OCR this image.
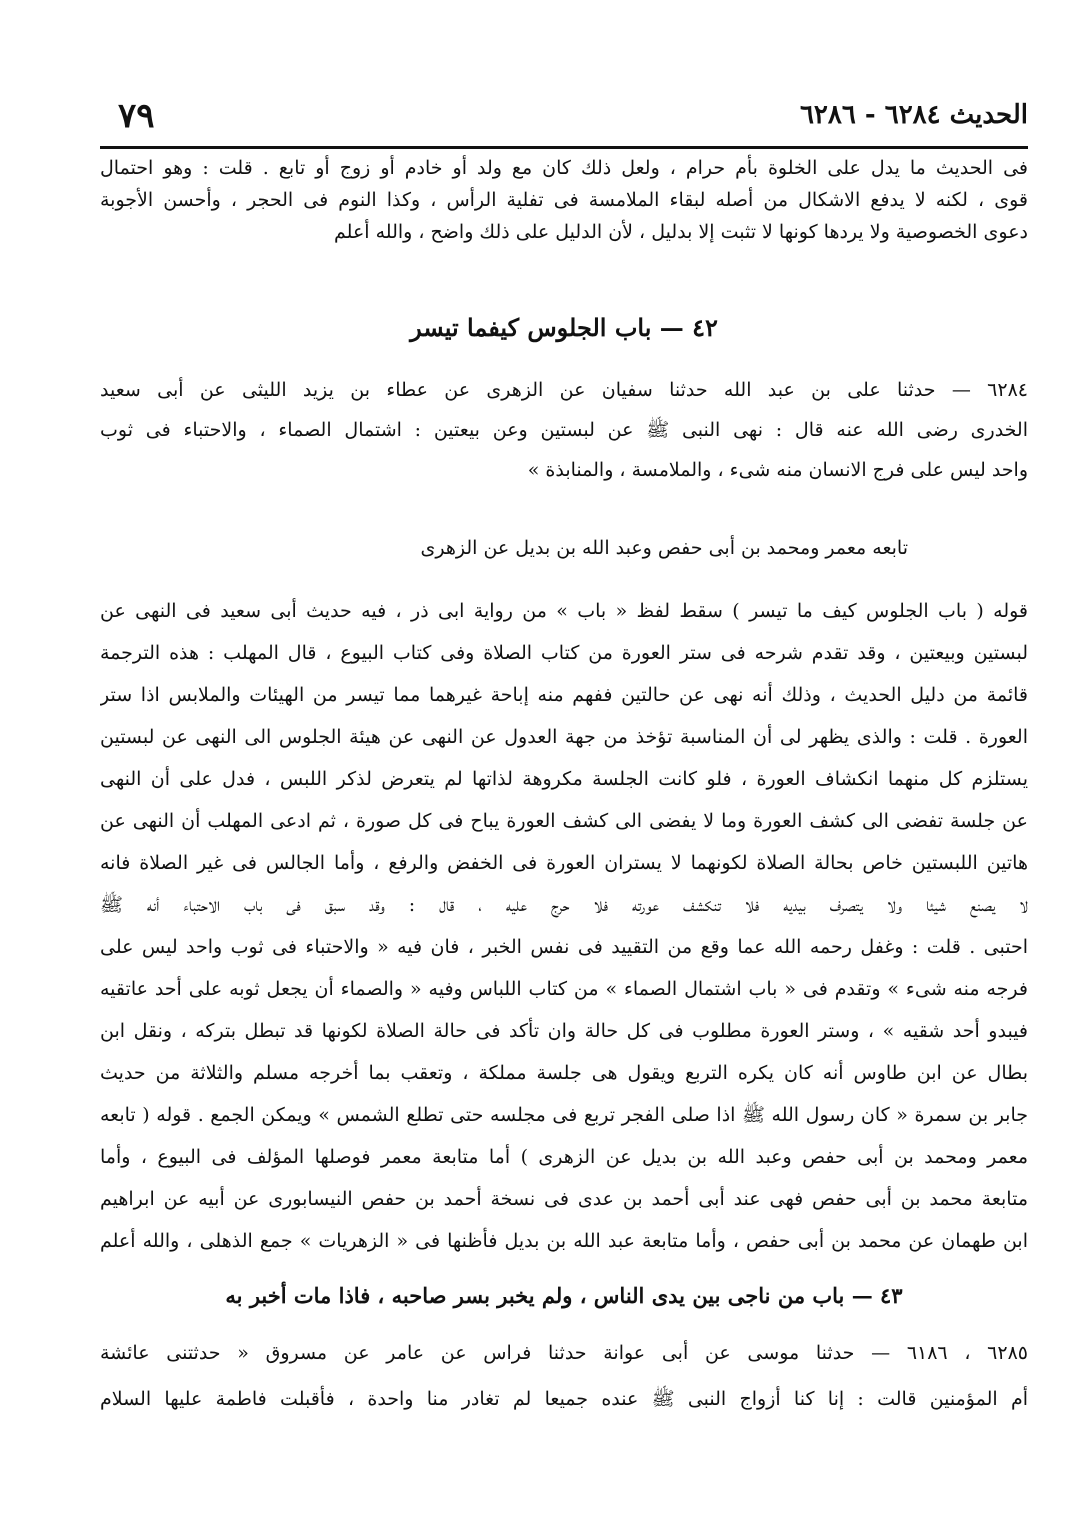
٧٩	الحديث ٦٢٨٤ - ٦٢٨٦
فى الحديث ما يدل على الخلوة بأم حرام ، ولعل ذلك كان مع ولد أو خادم أو زوج أو تابع . قلت : وهو احتمال
قوى ، لكنه لا يدفع الاشكال من أصله لبقاء الملامسة فى تفلية الرأس ، وكذا النوم فى الحجر ، وأحسن الأجوبة
دعوى الخصوصية ولا يردها كونها لا تثبت إلا بدليل ، لأن الدليل على ذلك واضح ، والله أعلم
٤٢ — باب الجلوس كيفما تيسر
٦٢٨٤ — حدثنا على بن عبد الله حدثنا سفيان عن الزهرى عن عطاء بن يزيد الليثى عن أبى سعيد
الخدرى رضى الله عنه قال : نهى النبى ﷺ عن لبستين وعن بيعتين : اشتمال الصماء ، والاحتباء فى ثوب
واحد ليس على فرج الانسان منه شىء ، والملامسة ، والمنابذة »
تابعه معمر ومحمد بن أبى حفص وعبد الله بن بديل عن الزهرى
قوله ( باب الجلوس كيف ما تيسر ) سقط لفظ « باب » من رواية ابى ذر ، فيه حديث أبى سعيد فى النهى عن
لبستين وبيعتين ، وقد تقدم شرحه فى ستر العورة من كتاب الصلاة وفى كتاب البيوع ، قال المهلب : هذه الترجمة
قائمة من دليل الحديث ، وذلك أنه نهى عن حالتين ففهم منه إباحة غيرهما مما تيسر من الهيئات والملابس اذا ستر
العورة . قلت : والذى يظهر لى أن المناسبة تؤخذ من جهة العدول عن النهى عن هيئة الجلوس الى النهى عن لبستين
يستلزم كل منهما انكشاف العورة ، فلو كانت الجلسة مكروهة لذاتها لم يتعرض لذكر اللبس ، فدل على أن النهى
عن جلسة تفضى الى كشف العورة وما لا يفضى الى كشف العورة يباح فى كل صورة ، ثم ادعى المهلب أن النهى عن
هاتين اللبستين خاص بحالة الصلاة لكونهما لا يستران العورة فى الخفض والرفع ، وأما الجالس فى غير الصلاة فانه
لا يصنع شيئا ولا يتصرف بيديه فلا تنكشف عورته فلا حرج عليه ، قال : وقد سبق فى باب الاحتباء أنه ﷺ
احتبى . قلت : وغفل رحمه الله عما وقع من التقييد فى نفس الخبر ، فان فيه « والاحتباء فى ثوب واحد ليس على
فرجه منه شىء » وتقدم فى « باب اشتمال الصماء » من كتاب اللباس وفيه « والصماء أن يجعل ثوبه على أحد عاتقيه
فيبدو أحد شقيه » ، وستر العورة مطلوب فى كل حالة وان تأكد فى حالة الصلاة لكونها قد تبطل بتركه ، ونقل ابن
بطال عن ابن طاوس أنه كان يكره التربع ويقول هى جلسة مملكة ، وتعقب بما أخرجه مسلم والثلاثة من حديث
جابر بن سمرة « كان رسول الله ﷺ اذا صلى الفجر تربع فى مجلسه حتى تطلع الشمس » ويمكن الجمع . قوله ( تابعه
معمر ومحمد بن أبى حفص وعبد الله بن بديل عن الزهرى ) أما متابعة معمر فوصلها المؤلف فى البيوع ، وأما
متابعة محمد بن أبى حفص فهى عند أبى أحمد بن عدى فى نسخة أحمد بن حفص النيسابورى عن أبيه عن ابراهيم
ابن طهمان عن محمد بن أبى حفص ، وأما متابعة عبد الله بن بديل فأظنها فى « الزهريات » جمع الذهلى ، والله أعلم
٤٣ — باب من ناجى بين يدى الناس ، ولم يخبر بسر صاحبه ، فاذا مات أخبر به
٦٢٨٥ ، ٦١٨٦ — حدثنا موسى عن أبى عوانة حدثنا فراس عن عامر عن مسروق « حدثتنى عائشة
أم المؤمنين قالت : إنا كنا أزواج النبى ﷺ عنده جميعا لم تغادر منا واحدة ، فأقبلت فاطمة عليها السلام
